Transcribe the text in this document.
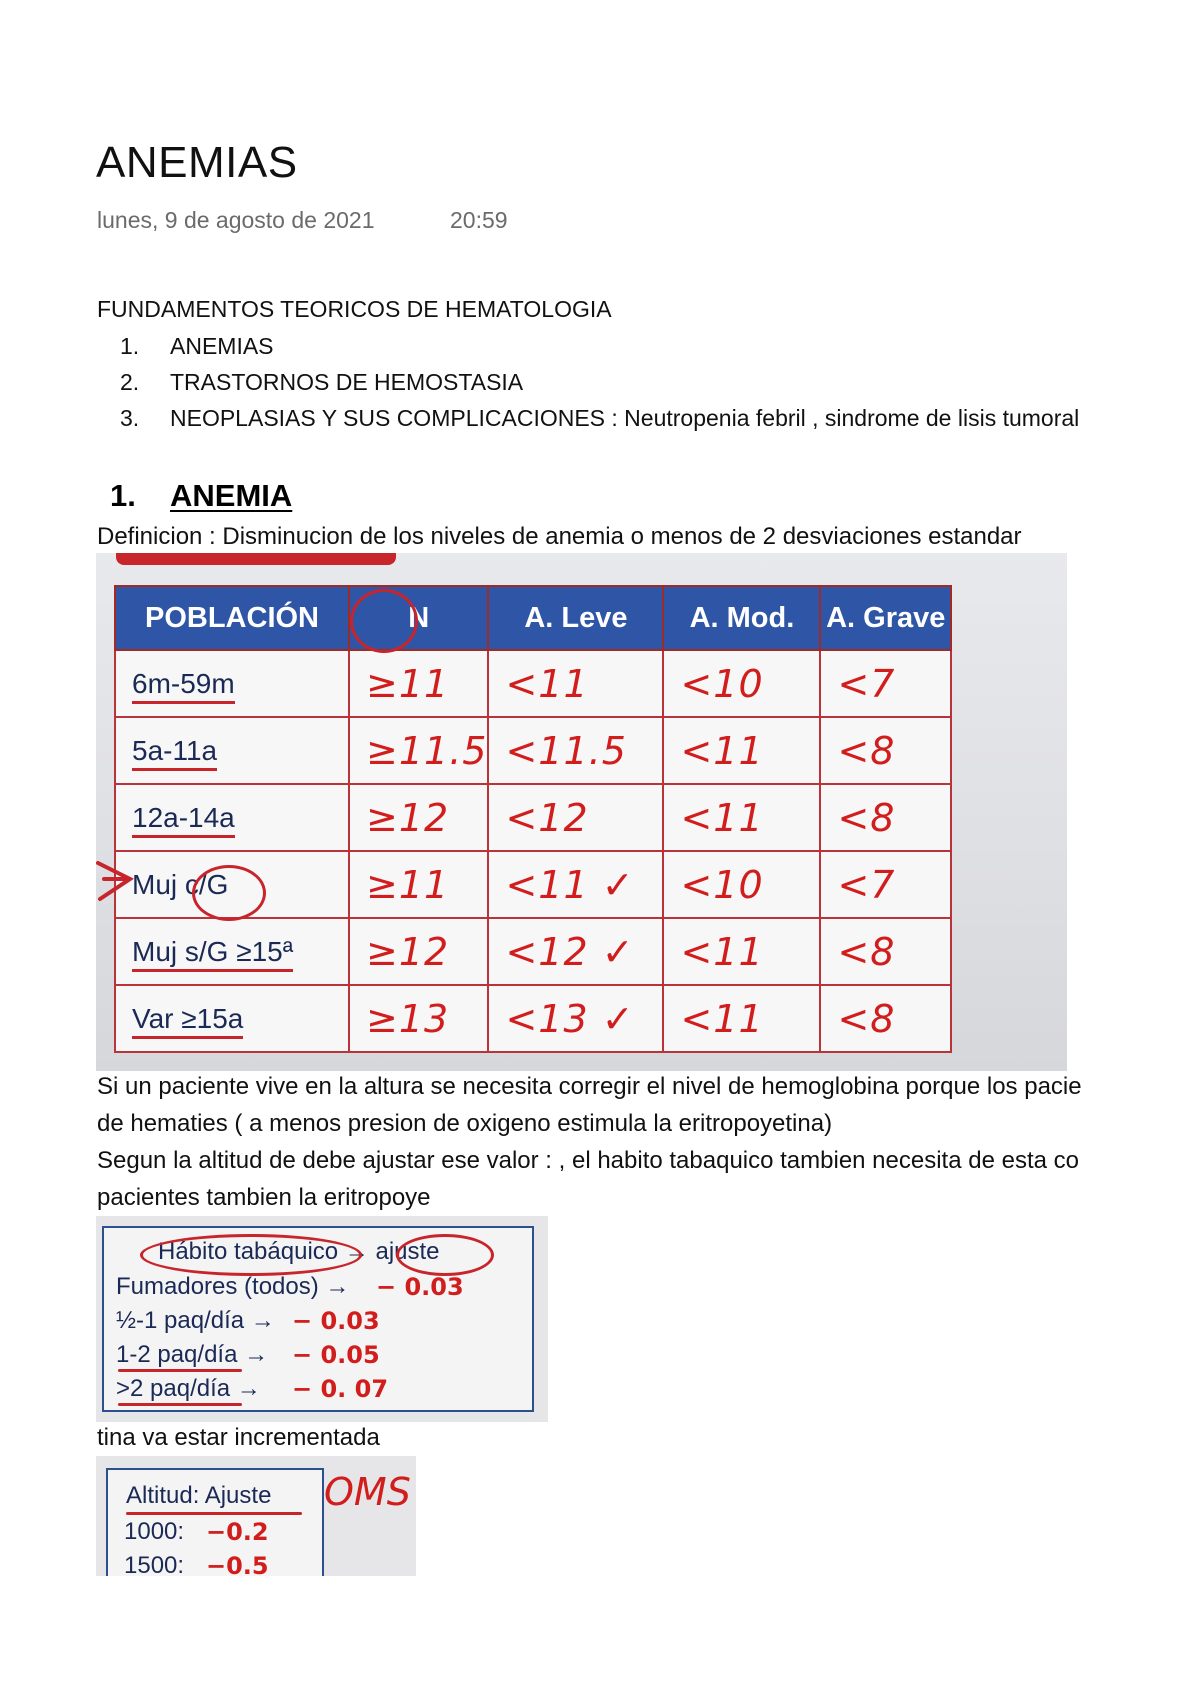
ANEMIAS
lunes, 9 de agosto de 2021	20:59
FUNDAMENTOS TEORICOS DE HEMATOLOGIA
1. ANEMIAS
2. TRASTORNOS DE HEMOSTASIA
3. NEOPLASIAS Y SUS COMPLICACIONES : Neutropenia febril , sindrome de lisis tumoral
1. ANEMIA
Definicion : Disminucion de los niveles de anemia o menos de 2 desviaciones estandar
POBLACIÓN	N	A. Leve	A. Mod.	A. Grave
6m-59m	≥11	<11	<10	<7
5a-11a	≥11.5	<11.5	<11	<8
12a-14a	≥12	<12	<11	<8
Muj c/G	≥11	<11 ✓	<10	<7
Muj s/G ≥15ª	≥12	<12 ✓	<11	<8
Var ≥15a	≥13	<13 ✓	<11	<8
Si un paciente vive en la altura se necesita corregir el nivel de hemoglobina porque los pacie
de hematies ( a menos presion de oxigeno estimula la eritropoyetina)
Segun la altitud de debe ajustar ese valor : , el habito tabaquico tambien necesita de esta co
pacientes tambien la eritropoye
Hábito tabáquico → ajuste
Fumadores (todos) → − 0.03
½-1 paq/día → − 0.03
1-2 paq/día → − 0.05
>2 paq/día → − 0. 07
tina va estar incrementada
Altitud: Ajuste OMS
1000: −0.2
1500: −0.5
